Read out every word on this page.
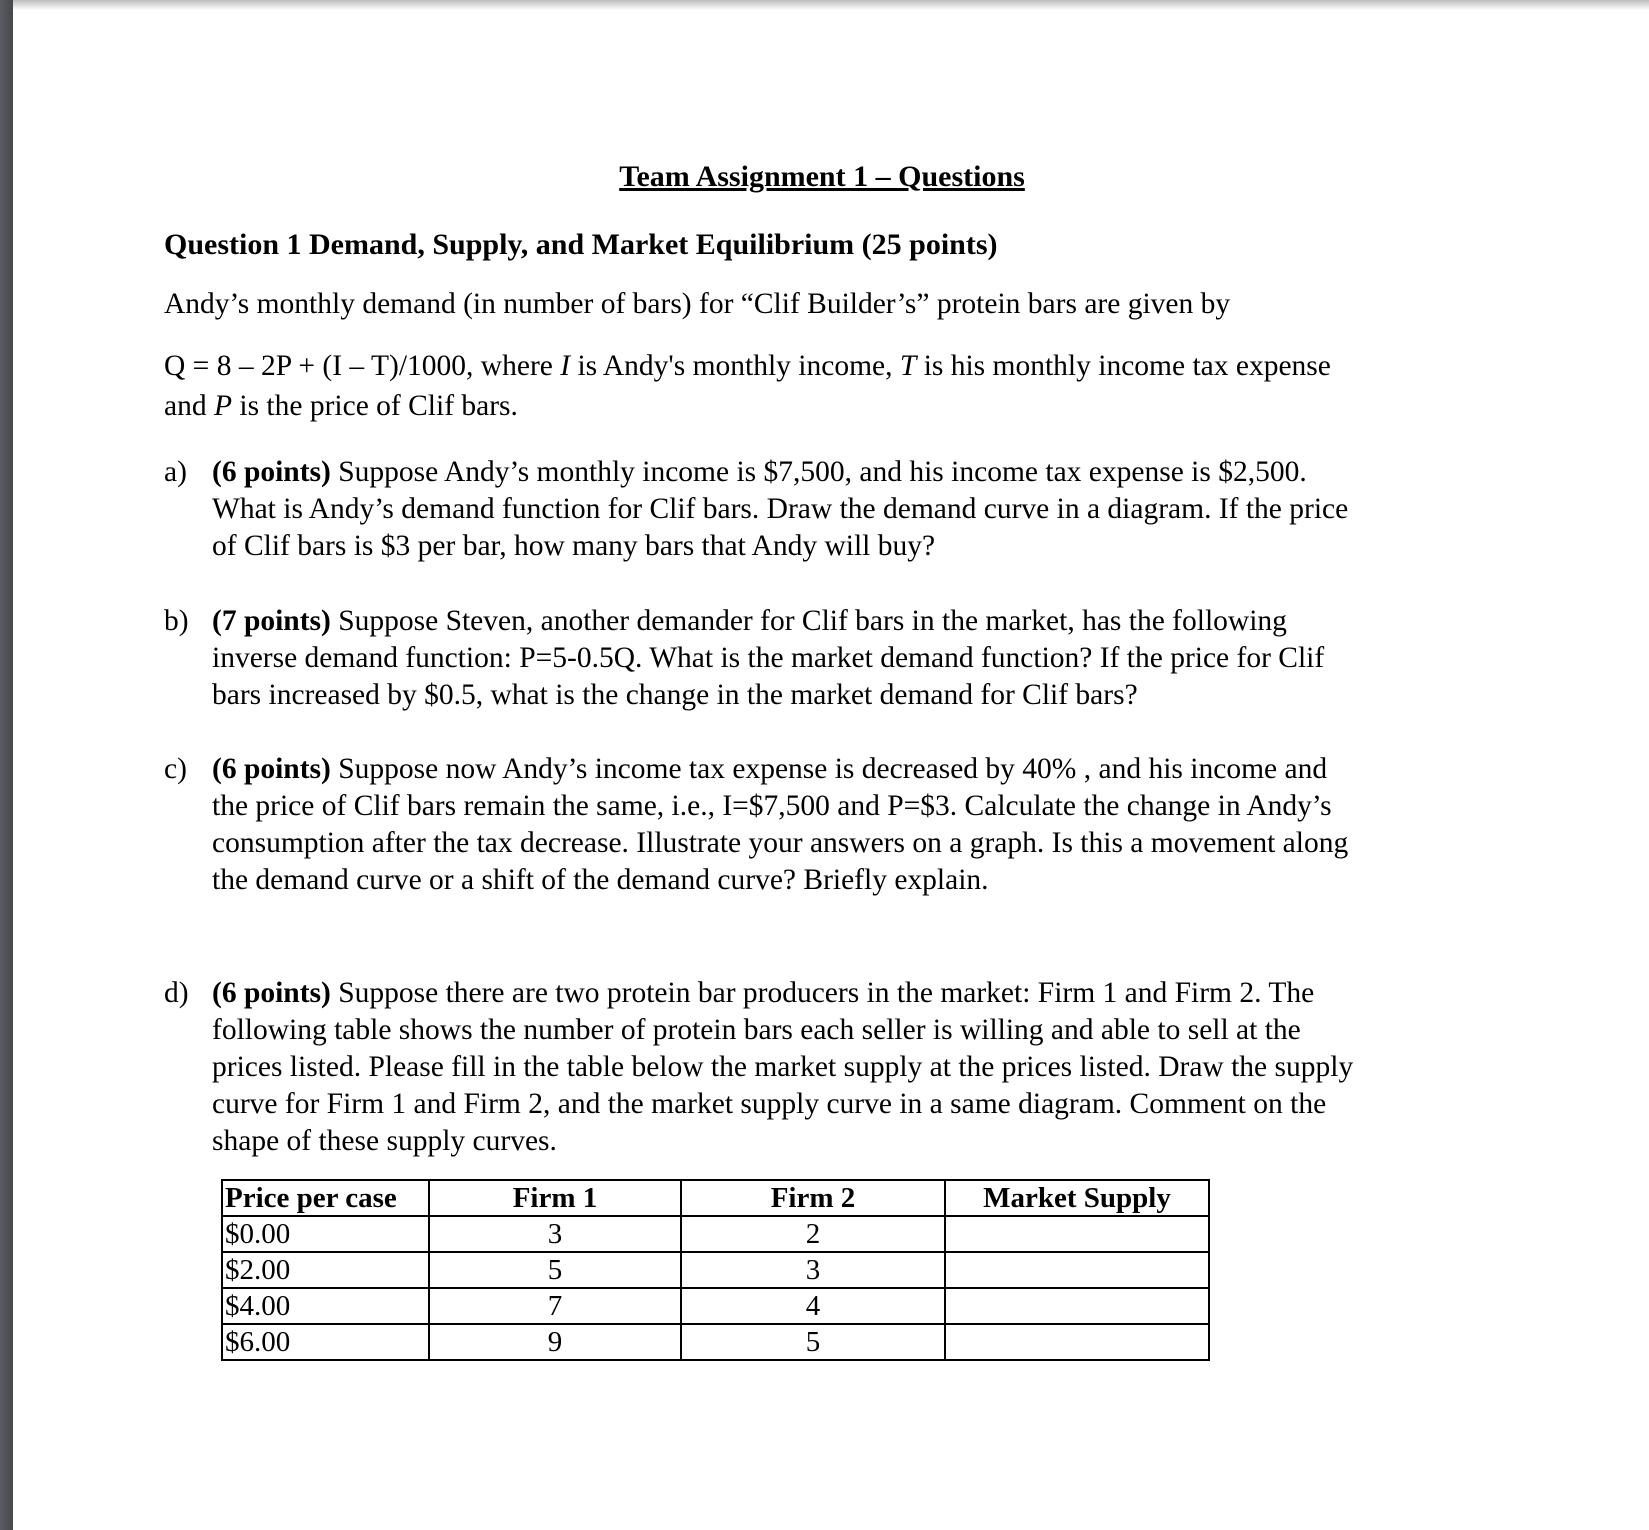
Team Assignment 1 – Questions
Question 1 Demand, Supply, and Market Equilibrium (25 points)
Andy’s monthly demand (in number of bars) for “Clif Builder’s” protein bars are given by
Q = 8 – 2P + (I – T)/1000, where I is Andy's monthly income, T is his monthly income tax expense
and P is the price of Clif bars.
a) (6 points) Suppose Andy’s monthly income is $7,500, and his income tax expense is $2,500.
What is Andy’s demand function for Clif bars. Draw the demand curve in a diagram. If the price
of Clif bars is $3 per bar, how many bars that Andy will buy?
b) (7 points) Suppose Steven, another demander for Clif bars in the market, has the following
inverse demand function: P=5-0.5Q. What is the market demand function? If the price for Clif
bars increased by $0.5, what is the change in the market demand for Clif bars?
c) (6 points) Suppose now Andy’s income tax expense is decreased by 40% , and his income and
the price of Clif bars remain the same, i.e., I=$7,500 and P=$3. Calculate the change in Andy’s
consumption after the tax decrease. Illustrate your answers on a graph. Is this a movement along
the demand curve or a shift of the demand curve? Briefly explain.
d) (6 points) Suppose there are two protein bar producers in the market: Firm 1 and Firm 2. The
following table shows the number of protein bars each seller is willing and able to sell at the
prices listed. Please fill in the table below the market supply at the prices listed. Draw the supply
curve for Firm 1 and Firm 2, and the market supply curve in a same diagram. Comment on the
shape of these supply curves.
Price per case	Firm 1	Firm 2	Market Supply
$0.00	3	2	
$2.00	5	3	
$4.00	7	4	
$6.00	9	5	
